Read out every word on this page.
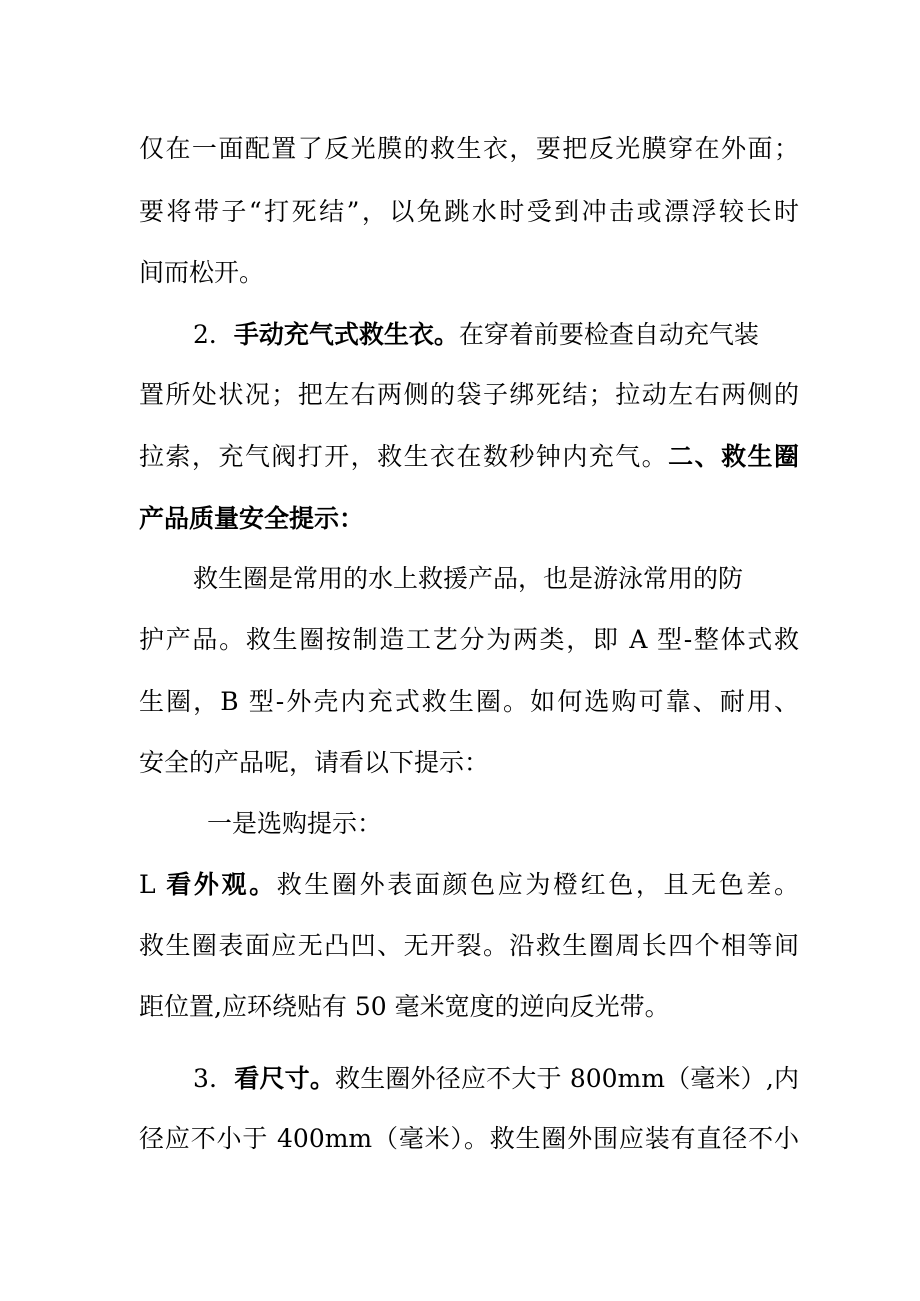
仅在一面配置了反光膜的救生衣，要把反光膜穿在外面；
要将带子“打死结”，以免跳水时受到冲击或漂浮较长时
间而松开。
2．手动充气式救生衣。在穿着前要检查自动充气装
置所处状况；把左右两侧的袋子绑死结；拉动左右两侧的
拉索，充气阀打开，救生衣在数秒钟内充气。二、救生圈
产品质量安全提示：
救生圈是常用的水上救援产品，也是游泳常用的防
护产品。救生圈按制造工艺分为两类，即 A 型-整体式救
生圈，B 型-外壳内充式救生圈。如何选购可靠、耐用、
安全的产品呢，请看以下提示：
一是选购提示：
L 看外观。救生圈外表面颜色应为橙红色，且无色差。
救生圈表面应无凸凹、无开裂。沿救生圈周长四个相等间
距位置,应环绕贴有 50 毫米宽度的逆向反光带。
3．看尺寸。救生圈外径应不大于 800mm（毫米）,内
径应不小于 400mm（毫米）。救生圈外围应装有直径不小
